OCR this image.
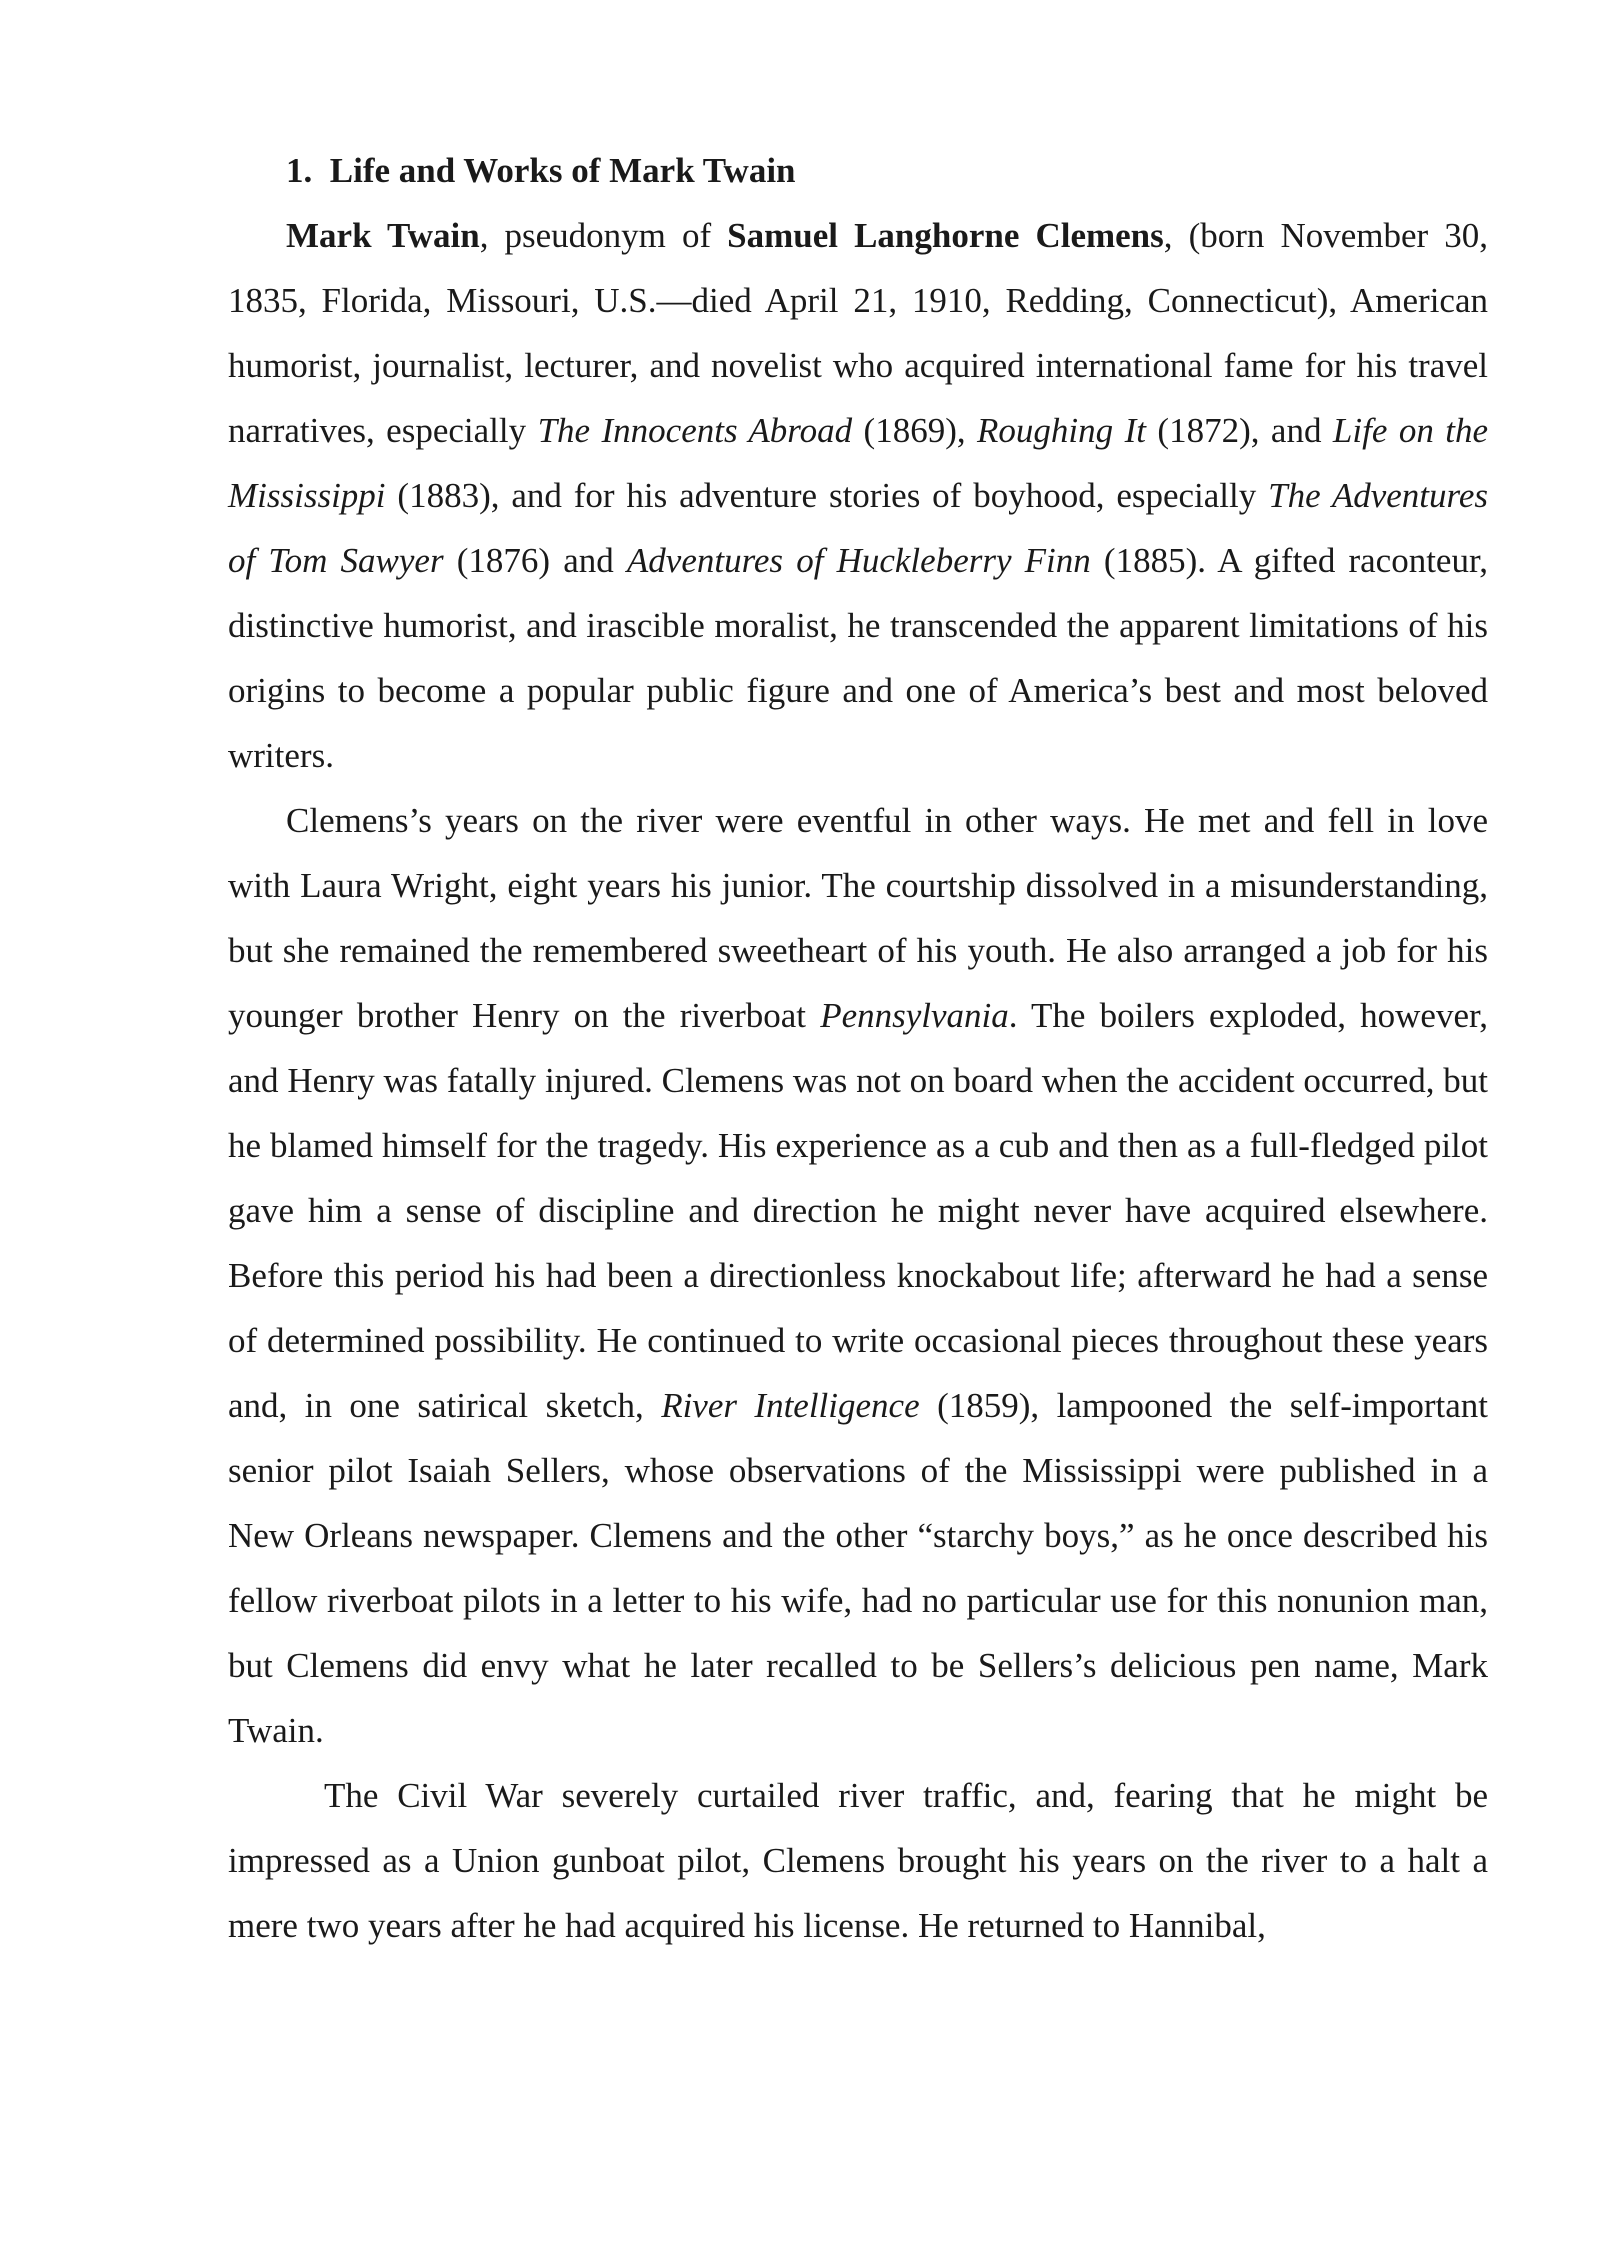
1. Life and Works of Mark Twain

Mark Twain, pseudonym of Samuel Langhorne Clemens, (born November 30, 1835, Florida, Missouri, U.S.—died April 21, 1910, Redding, Connecticut), American humorist, journalist, lecturer, and novelist who acquired international fame for his travel narratives, especially The Innocents Abroad (1869), Roughing It (1872), and Life on the Mississippi (1883), and for his adventure stories of boyhood, especially The Adventures of Tom Sawyer (1876) and Adventures of Huckleberry Finn (1885). A gifted raconteur, distinctive humorist, and irascible moralist, he transcended the apparent limitations of his origins to become a popular public figure and one of America’s best and most beloved writers.

Clemens’s years on the river were eventful in other ways. He met and fell in love with Laura Wright, eight years his junior. The courtship dissolved in a misunderstanding, but she remained the remembered sweetheart of his youth. He also arranged a job for his younger brother Henry on the riverboat Pennsylvania. The boilers exploded, however, and Henry was fatally injured. Clemens was not on board when the accident occurred, but he blamed himself for the tragedy. His experience as a cub and then as a full-fledged pilot gave him a sense of discipline and direction he might never have acquired elsewhere. Before this period his had been a directionless knockabout life; afterward he had a sense of determined possibility. He continued to write occasional pieces throughout these years and, in one satirical sketch, River Intelligence (1859), lampooned the self-important senior pilot Isaiah Sellers, whose observations of the Mississippi were published in a New Orleans newspaper. Clemens and the other “starchy boys,” as he once described his fellow riverboat pilots in a letter to his wife, had no particular use for this nonunion man, but Clemens did envy what he later recalled to be Sellers’s delicious pen name, Mark Twain.

The Civil War severely curtailed river traffic, and, fearing that he might be impressed as a Union gunboat pilot, Clemens brought his years on the river to a halt a mere two years after he had acquired his license. He returned to Hannibal,
